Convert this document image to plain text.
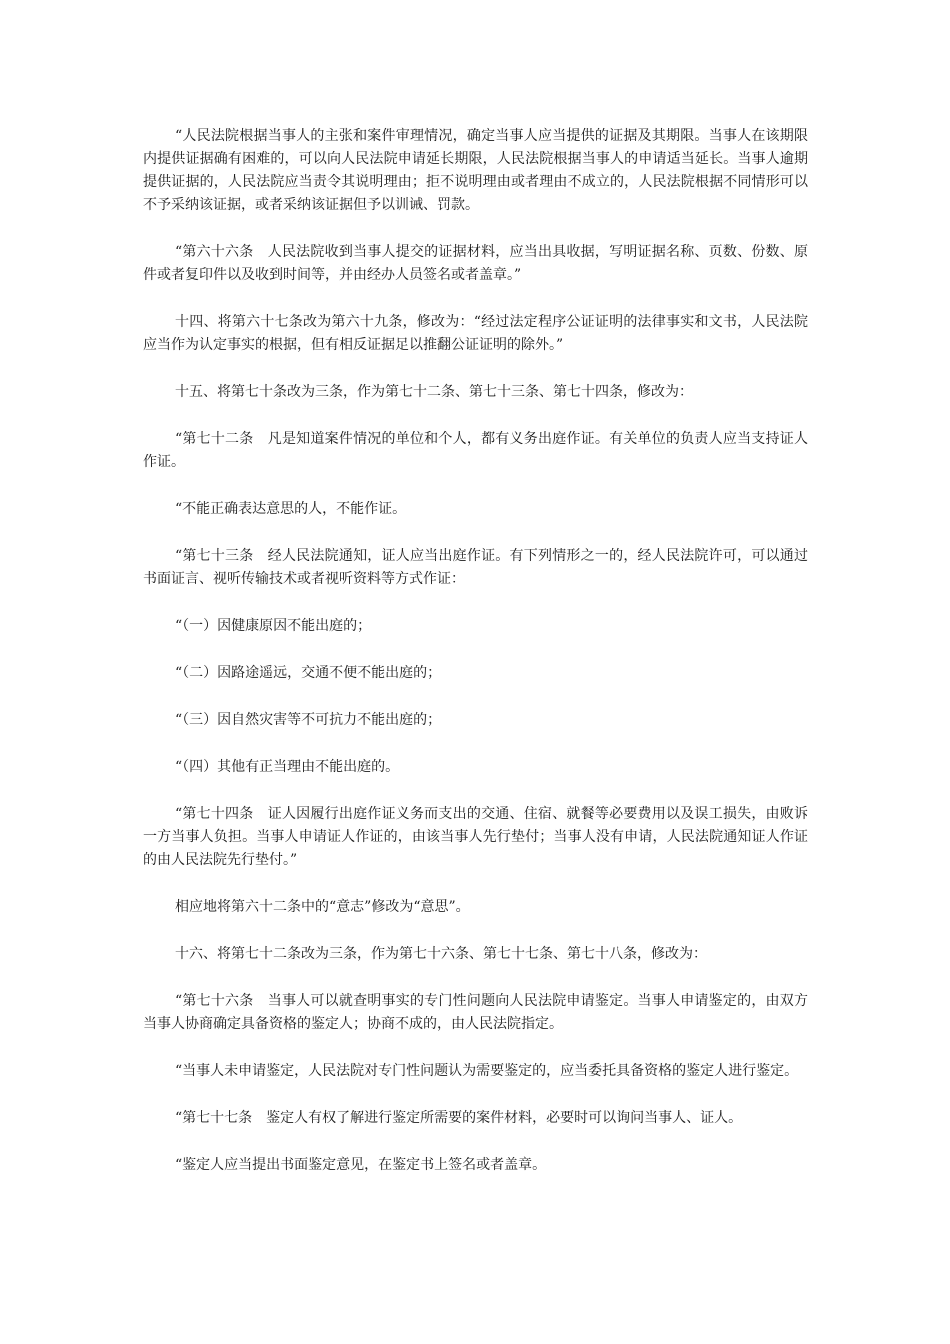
“人民法院根据当事人的主张和案件审理情况，确定当事人应当提供的证据及其期限。当事人在该期限内提供证据确有困难的，可以向人民法院申请延长期限，人民法院根据当事人的申请适当延长。当事人逾期提供证据的，人民法院应当责令其说明理由；拒不说明理由或者理由不成立的，人民法院根据不同情形可以不予采纳该证据，或者采纳该证据但予以训诫、罚款。

“第六十六条　人民法院收到当事人提交的证据材料，应当出具收据，写明证据名称、页数、份数、原件或者复印件以及收到时间等，并由经办人员签名或者盖章。”

十四、将第六十七条改为第六十九条，修改为：“经过法定程序公证证明的法律事实和文书，人民法院应当作为认定事实的根据，但有相反证据足以推翻公证证明的除外。”

十五、将第七十条改为三条，作为第七十二条、第七十三条、第七十四条，修改为：

“第七十二条　凡是知道案件情况的单位和个人，都有义务出庭作证。有关单位的负责人应当支持证人作证。

“不能正确表达意思的人，不能作证。

“第七十三条　经人民法院通知，证人应当出庭作证。有下列情形之一的，经人民法院许可，可以通过书面证言、视听传输技术或者视听资料等方式作证：

“（一）因健康原因不能出庭的；

“（二）因路途遥远，交通不便不能出庭的；

“（三）因自然灾害等不可抗力不能出庭的；

“（四）其他有正当理由不能出庭的。

“第七十四条　证人因履行出庭作证义务而支出的交通、住宿、就餐等必要费用以及误工损失，由败诉一方当事人负担。当事人申请证人作证的，由该当事人先行垫付；当事人没有申请，人民法院通知证人作证的由人民法院先行垫付。”

相应地将第六十二条中的“意志”修改为“意思”。

十六、将第七十二条改为三条，作为第七十六条、第七十七条、第七十八条，修改为：

“第七十六条　当事人可以就查明事实的专门性问题向人民法院申请鉴定。当事人申请鉴定的，由双方当事人协商确定具备资格的鉴定人；协商不成的，由人民法院指定。

“当事人未申请鉴定，人民法院对专门性问题认为需要鉴定的，应当委托具备资格的鉴定人进行鉴定。

“第七十七条　鉴定人有权了解进行鉴定所需要的案件材料，必要时可以询问当事人、证人。

“鉴定人应当提出书面鉴定意见，在鉴定书上签名或者盖章。
